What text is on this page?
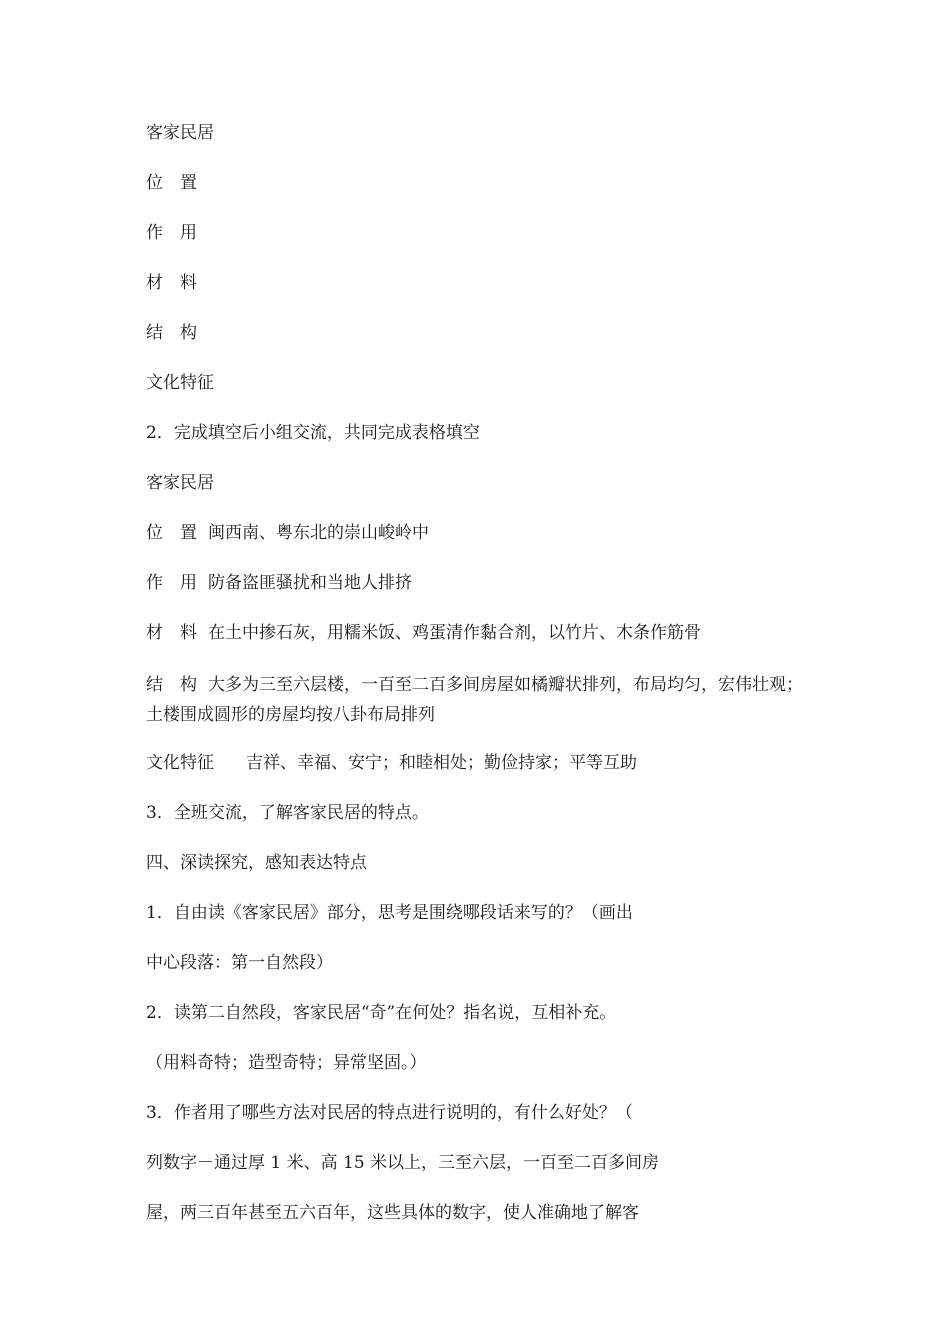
客家民居

位　置

作　用

材　料

结　构

文化特征

2．完成填空后小组交流，共同完成表格填空

客家民居

位　置 闽西南、粤东北的崇山峻岭中

作　用 防备盗匪骚扰和当地人排挤

材　料 在土中掺石灰，用糯米饭、鸡蛋清作黏合剂，以竹片、木条作筋骨

结　构 大多为三至六层楼，一百至二百多间房屋如橘瓣状排列，布局均匀，宏伟壮观；土楼围成圆形的房屋均按八卦布局排列

文化特征 吉祥、幸福、安宁；和睦相处；勤俭持家；平等互助

3．全班交流，了解客家民居的特点。

四、深读探究，感知表达特点

1．自由读《客家民居》部分，思考是围绕哪段话来写的？（画出

中心段落：第一自然段）

2．读第二自然段，客家民居“奇”在何处？指名说，互相补充。

（用料奇特；造型奇特；异常坚固。）

3．作者用了哪些方法对民居的特点进行说明的，有什么好处？（

列数字－通过厚 1 米、高 15 米以上，三至六层，一百至二百多间房

屋，两三百年甚至五六百年，这些具体的数字，使人准确地了解客
